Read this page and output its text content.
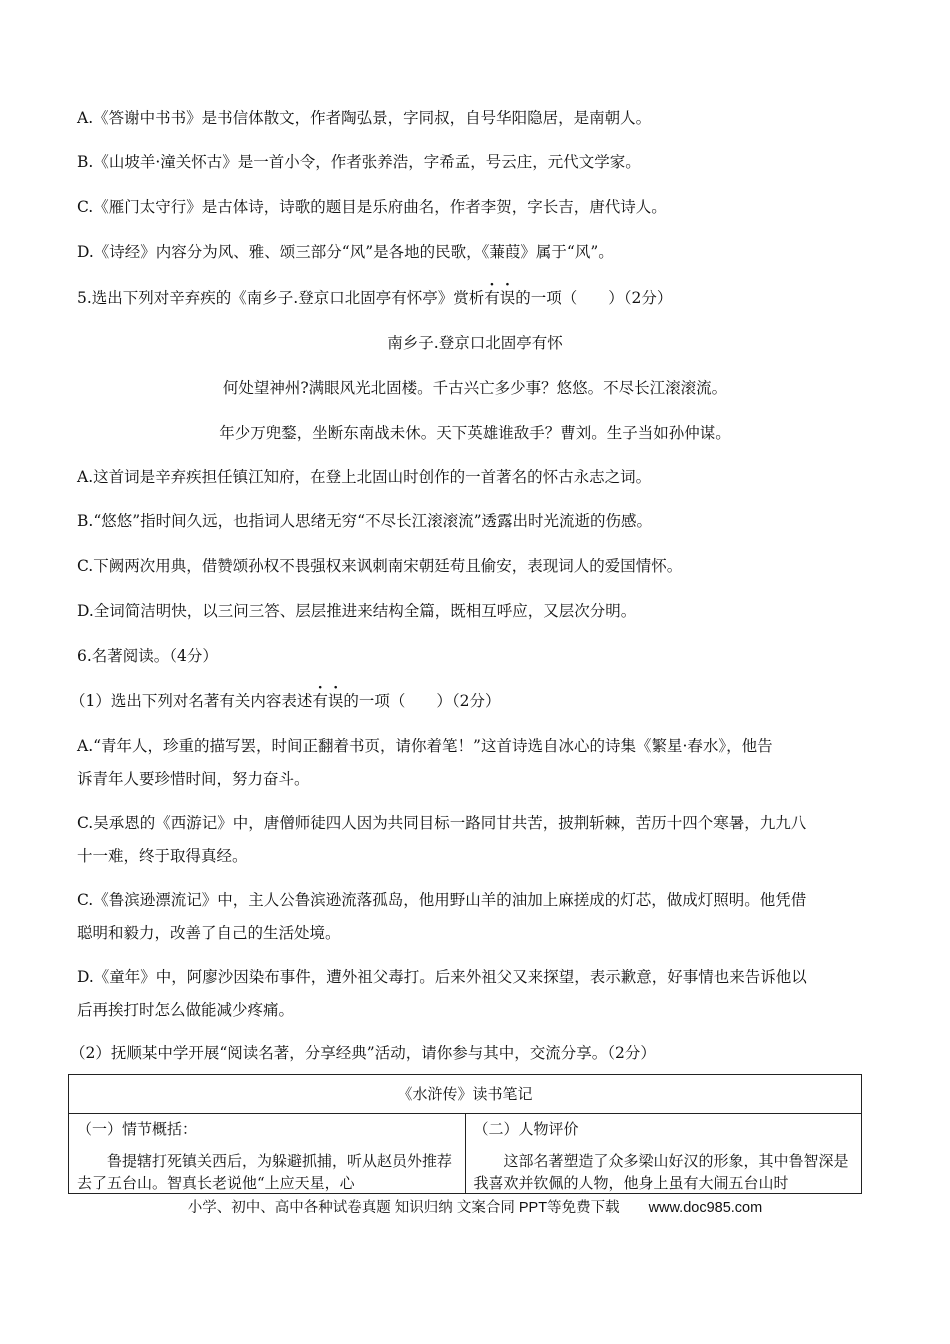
A.《答谢中书书》是书信体散文，作者陶弘景，字同叔，自号华阳隐居，是南朝人。
B.《山坡羊·潼关怀古》是一首小令，作者张养浩，字希孟，号云庄，元代文学家。
C.《雁门太守行》是古体诗，诗歌的题目是乐府曲名，作者李贺，字长吉，唐代诗人。
D.《诗经》内容分为风、雅、颂三部分“风”是各地的民歌，《蒹葭》属于“风”。
5.选出下列对辛弃疾的《南乡子.登京口北固亭有怀亭》赏析有误的一项（　　）（2分）
南乡子.登京口北固亭有怀
何处望神州?满眼风光北固楼。千古兴亡多少事？悠悠。不尽长江滚滚流。
年少万兜鍪，坐断东南战未休。天下英雄谁敌手？曹刘。生子当如孙仲谋。
A.这首词是辛弃疾担任镇江知府，在登上北固山时创作的一首著名的怀古永志之词。
B.“悠悠”指时间久远，也指词人思绪无穷“不尽长江滚滚流”透露出时光流逝的伤感。
C.下阙两次用典，借赞颂孙权不畏强权来讽刺南宋朝廷苟且偷安，表现词人的爱国情怀。
D.全词简洁明快，以三问三答、层层推进来结构全篇，既相互呼应，又层次分明。
6.名著阅读。（4分）
（1）选出下列对名著有关内容表述有误的一项（　　）（2分）
A.“青年人，珍重的描写罢，时间正翻着书页，请你着笔！”这首诗选自冰心的诗集《繁星·春水》，他告
诉青年人要珍惜时间，努力奋斗。
C.吴承恩的《西游记》中，唐僧师徒四人因为共同目标一路同甘共苦，披荆斩棘，苦历十四个寒暑，九九八
十一难，终于取得真经。
C.《鲁滨逊漂流记》中，主人公鲁滨逊流落孤岛，他用野山羊的油加上麻搓成的灯芯，做成灯照明。他凭借
聪明和毅力，改善了自己的生活处境。
D.《童年》中，阿廖沙因染布事件，遭外祖父毒打。后来外祖父又来探望，表示歉意，好事情也来告诉他以
后再挨打时怎么做能减少疼痛。
（2）抚顺某中学开展“阅读名著，分享经典”活动，请你参与其中，交流分享。（2分）
《水浒传》读书笔记
（一）情节概括：
鲁提辖打死镇关西后，为躲避抓捕，听从赵员外推荐去了五台山。智真长老说他“上应天星，心
（二）人物评价
这部名著塑造了众多梁山好汉的形象，其中鲁智深是我喜欢并钦佩的人物，他身上虽有大闹五台山时
小学、初中、高中各种试卷真题 知识归纳 文案合同 PPT等免费下载　　www.doc985.com
